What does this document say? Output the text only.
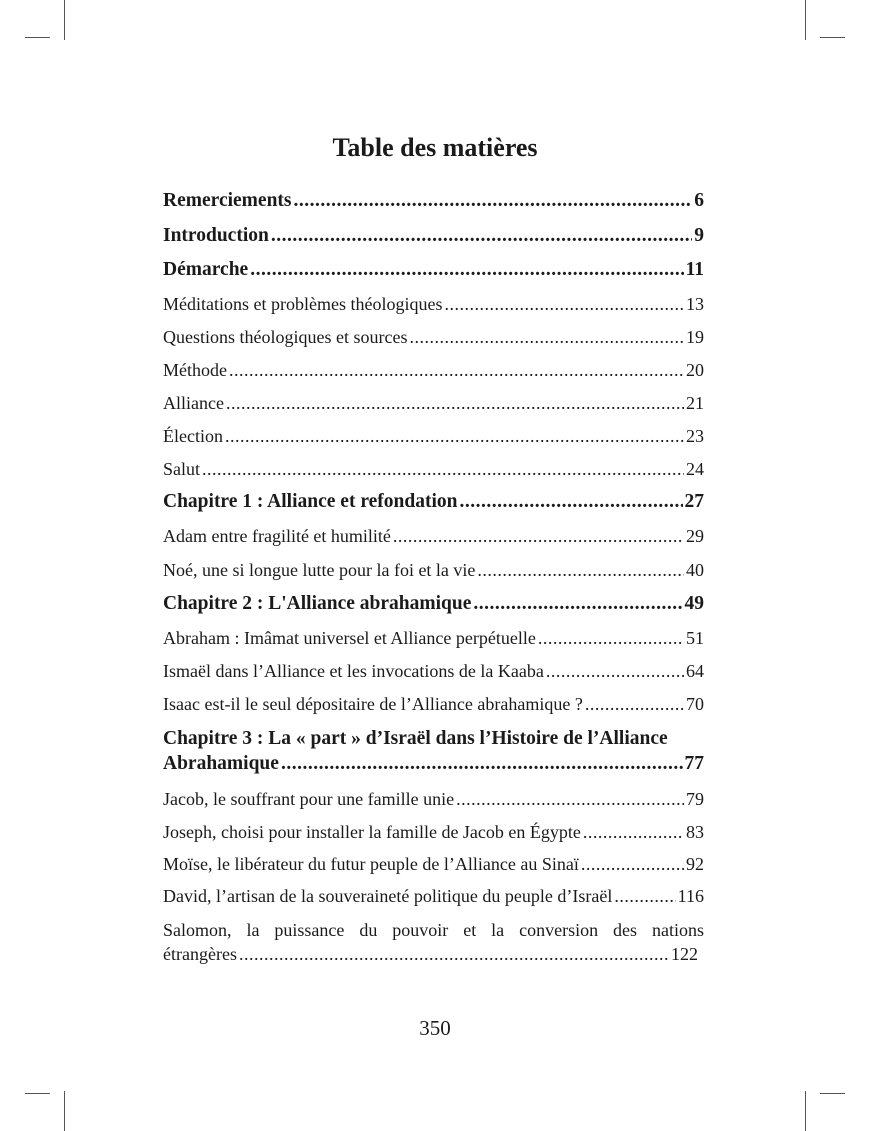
Table des matières
Remerciements .....	6
Introduction .....	9
Démarche .....	11
Méditations et problèmes théologiques .....	13
Questions théologiques et sources .....	19
Méthode .....	20
Alliance .....	21
Élection .....	23
Salut .....	24
Chapitre 1 : Alliance et refondation .....	27
Adam entre fragilité et humilité .....	29
Noé, une si longue lutte pour la foi et la vie .....	40
Chapitre 2 : L'Alliance abrahamique .....	49
Abraham : Imâmat universel et Alliance perpétuelle .....	51
Ismaël dans l’Alliance et les invocations de la Kaaba .....	64
Isaac est-il le seul dépositaire de l’Alliance abrahamique ? .....	70
Chapitre 3 : La « part » d’Israël dans l’Histoire de l’Alliance
Abrahamique .....	77
Jacob, le souffrant pour une famille unie .....	79
Joseph, choisi pour installer la famille de Jacob en Égypte .....	83
Moïse, le libérateur du futur peuple de l’Alliance au Sinaï .....	92
David, l’artisan de la souveraineté politique du peuple d’Israël .....	116
Salomon, la puissance du pouvoir et la conversion des nations
étrangères .....	122
350
